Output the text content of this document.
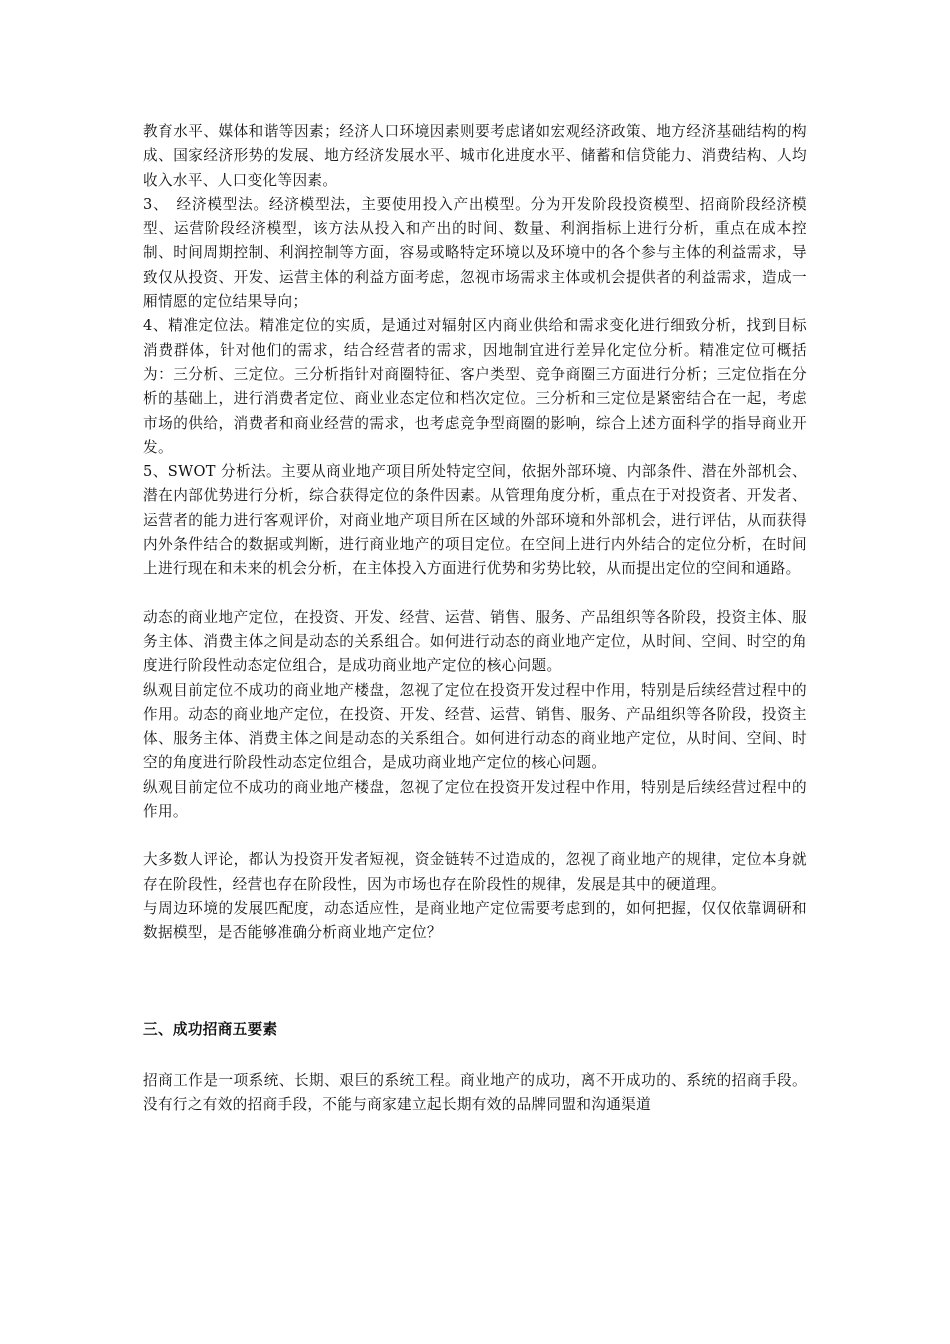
教育水平、媒体和谐等因素；经济人口环境因素则要考虑诸如宏观经济政策、地方经济基础结构的构成、国家经济形势的发展、地方经济发展水平、城市化进度水平、储蓄和信贷能力、消费结构、人均收入水平、人口变化等因素。

3、　经济模型法。经济模型法，主要使用投入产出模型。分为开发阶段投资模型、招商阶段经济模型、运营阶段经济模型，该方法从投入和产出的时间、数量、利润指标上进行分析，重点在成本控制、时间周期控制、利润控制等方面，容易或略特定环境以及环境中的各个参与主体的利益需求，导致仅从投资、开发、运营主体的利益方面考虑，忽视市场需求主体或机会提供者的利益需求，造成一厢情愿的定位结果导向；

4、精准定位法。精准定位的实质，是通过对辐射区内商业供给和需求变化进行细致分析，找到目标消费群体，针对他们的需求，结合经营者的需求，因地制宜进行差异化定位分析。精准定位可概括为：三分析、三定位。三分析指针对商圈特征、客户类型、竞争商圈三方面进行分析；三定位指在分析的基础上，进行消费者定位、商业业态定位和档次定位。三分析和三定位是紧密结合在一起，考虑市场的供给，消费者和商业经营的需求，也考虑竞争型商圈的影响，综合上述方面科学的指导商业开发。

5、SWOT 分析法。主要从商业地产项目所处特定空间，依据外部环境、内部条件、潜在外部机会、潜在内部优势进行分析，综合获得定位的条件因素。从管理角度分析，重点在于对投资者、开发者、运营者的能力进行客观评价，对商业地产项目所在区域的外部环境和外部机会，进行评估，从而获得内外条件结合的数据或判断，进行商业地产的项目定位。在空间上进行内外结合的定位分析，在时间上进行现在和未来的机会分析，在主体投入方面进行优势和劣势比较，从而提出定位的空间和通路。

动态的商业地产定位，在投资、开发、经营、运营、销售、服务、产品组织等各阶段，投资主体、服务主体、消费主体之间是动态的关系组合。如何进行动态的商业地产定位，从时间、空间、时空的角度进行阶段性动态定位组合，是成功商业地产定位的核心问题。

纵观目前定位不成功的商业地产楼盘，忽视了定位在投资开发过程中作用，特别是后续经营过程中的作用。动态的商业地产定位，在投资、开发、经营、运营、销售、服务、产品组织等各阶段，投资主体、服务主体、消费主体之间是动态的关系组合。如何进行动态的商业地产定位，从时间、空间、时空的角度进行阶段性动态定位组合，是成功商业地产定位的核心问题。

纵观目前定位不成功的商业地产楼盘，忽视了定位在投资开发过程中作用，特别是后续经营过程中的作用。

大多数人评论，都认为投资开发者短视，资金链转不过造成的，忽视了商业地产的规律，定位本身就存在阶段性，经营也存在阶段性，因为市场也存在阶段性的规律，发展是其中的硬道理。

与周边环境的发展匹配度，动态适应性，是商业地产定位需要考虑到的，如何把握，仅仅依靠调研和数据模型，是否能够准确分析商业地产定位？

三、成功招商五要素

招商工作是一项系统、长期、艰巨的系统工程。商业地产的成功，离不开成功的、系统的招商手段。没有行之有效的招商手段，不能与商家建立起长期有效的品牌同盟和沟通渠道
